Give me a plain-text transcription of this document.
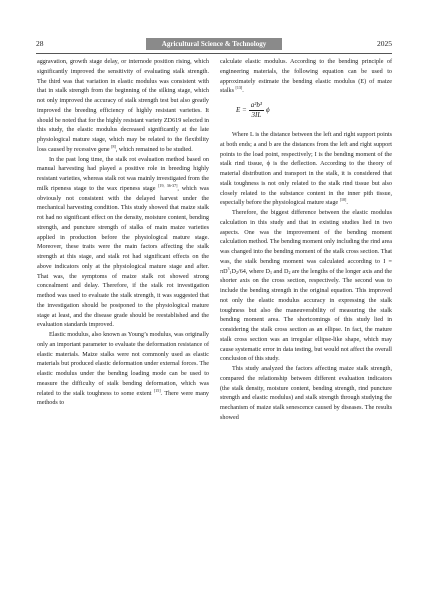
28	Agricultural Science & Technology	2025

aggravation, growth stage delay, or internode position rising, which significantly improved the sensitivity of evaluating stalk strength. The third was that variation in elastic modulus was consistent with that in stalk strength from the beginning of the silking stage, which not only improved the accuracy of stalk strength test but also greatly improved the breeding efficiency of highly resistant varieties. It should be noted that for the highly resistant variety ZD619 selected in this study, the elastic modulus decreased significantly at the late physiological mature stage, which may be related to the flexibility loss caused by recessive gene [8], which remained to be studied.

In the past long time, the stalk rot evaluation method based on manual harvesting had played a positive role in breeding highly resistant varieties, whereas stalk rot was mainly investigated from the milk ripeness stage to the wax ripeness stage [19, 36-37], which was obviously not consistent with the delayed harvest under the mechanical harvesting condition. This study showed that maize stalk rot had no significant effect on the density, moisture content, bending strength, and puncture strength of stalks of main maize varieties applied in production before the physiological mature stage. Moreover, these traits were the main factors affecting the stalk strength at this stage, and stalk rot had significant effects on the above indicators only at the physiological mature stage and after. That was, the symptoms of maize stalk rot showed strong concealment and delay. Therefore, if the stalk rot investigation method was used to evaluate the stalk strength, it was suggested that the investigation should be postponed to the physiological mature stage at least, and the disease grade should be reestablished and the evaluation standards improved.

Elastic modulus, also known as Young’s modulus, was originally only an important parameter to evaluate the deformation resistance of elastic materials. Maize stalks were not commonly used as elastic materials but produced elastic deformation under external forces. The elastic modulus under the bending loading mode can be used to measure the difficulty of stalk bending deformation, which was related to the stalk toughness to some extent [15]. There were many methods to

calculate elastic modulus. According to the bending principle of engineering materials, the following equation can be used to approximately estimate the bending elastic modulus (E) of maize stalks [13].

$E = \frac{\text{a²b³}}{3IL}$ ϕ

Where L is the distance between the left and right support points at both ends; a and b are the distances from the left and right support points to the load point, respectively; I is the bending moment of the stalk rind tissue, ϕ is the deflection. According to the theory of material distribution and transport in the stalk, it is considered that stalk toughness is not only related to the stalk rind tissue but also closely related to the substance content in the inner pith tissue, especially before the physiological mature stage [10].

Therefore, the biggest difference between the elastic modulus calculation in this study and that in existing studies lied in two aspects. One was the improvement of the bending moment calculation method. The bending moment only including the rind area was changed into the bending moment of the stalk cross section. That was, the stalk bending moment was calculated according to $I = \pi D^3_1D_2/64$, where $D_1$ and $D_2$ are the lengths of the longer axis and the shorter axis on the cross section, respectively. The second was to include the bending strength in the original equation. This improved not only the elastic modulus accuracy in expressing the stalk toughness but also the maneuverability of measuring the stalk bending moment area. The shortcomings of this study lied in considering the stalk cross section as an ellipse. In fact, the mature stalk cross section was an irregular ellipse-like shape, which may cause systematic error in data testing, but would not affect the overall conclusion of this study.

This study analyzed the factors affecting maize stalk strength, compared the relationship between different evaluation indicators (the stalk density, moisture content, bending strength, rind puncture strength and elastic modulus) and stalk strength through studying the mechanism of maize stalk senescence caused by diseases. The results showed
